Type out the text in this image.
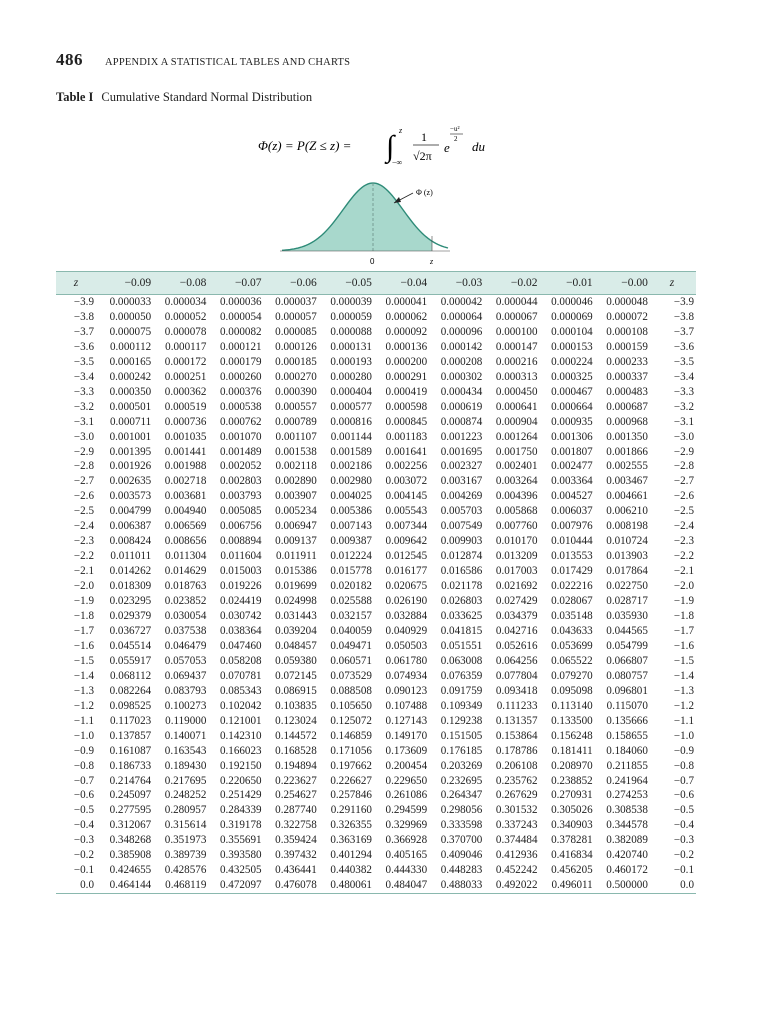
486 APPENDIX A STATISTICAL TABLES AND CHARTS
Table I Cumulative Standard Normal Distribution
Φ(z) = P(Z ≤ z) = ∫ z
−∞
1
√2π
e
−u²
2 du
Φ (z)
0	z
z	−0.09	−0.08	−0.07	−0.06	−0.05	−0.04	−0.03	−0.02	−0.01	−0.00	z
−3.9	0.000033	0.000034	0.000036	0.000037	0.000039	0.000041	0.000042	0.000044	0.000046	0.000048	−3.9
−3.8	0.000050	0.000052	0.000054	0.000057	0.000059	0.000062	0.000064	0.000067	0.000069	0.000072	−3.8
−3.7	0.000075	0.000078	0.000082	0.000085	0.000088	0.000092	0.000096	0.000100	0.000104	0.000108	−3.7
−3.6	0.000112	0.000117	0.000121	0.000126	0.000131	0.000136	0.000142	0.000147	0.000153	0.000159	−3.6
−3.5	0.000165	0.000172	0.000179	0.000185	0.000193	0.000200	0.000208	0.000216	0.000224	0.000233	−3.5
−3.4	0.000242	0.000251	0.000260	0.000270	0.000280	0.000291	0.000302	0.000313	0.000325	0.000337	−3.4
−3.3	0.000350	0.000362	0.000376	0.000390	0.000404	0.000419	0.000434	0.000450	0.000467	0.000483	−3.3
−3.2	0.000501	0.000519	0.000538	0.000557	0.000577	0.000598	0.000619	0.000641	0.000664	0.000687	−3.2
−3.1	0.000711	0.000736	0.000762	0.000789	0.000816	0.000845	0.000874	0.000904	0.000935	0.000968	−3.1
−3.0	0.001001	0.001035	0.001070	0.001107	0.001144	0.001183	0.001223	0.001264	0.001306	0.001350	−3.0
−2.9	0.001395	0.001441	0.001489	0.001538	0.001589	0.001641	0.001695	0.001750	0.001807	0.001866	−2.9
−2.8	0.001926	0.001988	0.002052	0.002118	0.002186	0.002256	0.002327	0.002401	0.002477	0.002555	−2.8
−2.7	0.002635	0.002718	0.002803	0.002890	0.002980	0.003072	0.003167	0.003264	0.003364	0.003467	−2.7
−2.6	0.003573	0.003681	0.003793	0.003907	0.004025	0.004145	0.004269	0.004396	0.004527	0.004661	−2.6
−2.5	0.004799	0.004940	0.005085	0.005234	0.005386	0.005543	0.005703	0.005868	0.006037	0.006210	−2.5
−2.4	0.006387	0.006569	0.006756	0.006947	0.007143	0.007344	0.007549	0.007760	0.007976	0.008198	−2.4
−2.3	0.008424	0.008656	0.008894	0.009137	0.009387	0.009642	0.009903	0.010170	0.010444	0.010724	−2.3
−2.2	0.011011	0.011304	0.011604	0.011911	0.012224	0.012545	0.012874	0.013209	0.013553	0.013903	−2.2
−2.1	0.014262	0.014629	0.015003	0.015386	0.015778	0.016177	0.016586	0.017003	0.017429	0.017864	−2.1
−2.0	0.018309	0.018763	0.019226	0.019699	0.020182	0.020675	0.021178	0.021692	0.022216	0.022750	−2.0
−1.9	0.023295	0.023852	0.024419	0.024998	0.025588	0.026190	0.026803	0.027429	0.028067	0.028717	−1.9
−1.8	0.029379	0.030054	0.030742	0.031443	0.032157	0.032884	0.033625	0.034379	0.035148	0.035930	−1.8
−1.7	0.036727	0.037538	0.038364	0.039204	0.040059	0.040929	0.041815	0.042716	0.043633	0.044565	−1.7
−1.6	0.045514	0.046479	0.047460	0.048457	0.049471	0.050503	0.051551	0.052616	0.053699	0.054799	−1.6
−1.5	0.055917	0.057053	0.058208	0.059380	0.060571	0.061780	0.063008	0.064256	0.065522	0.066807	−1.5
−1.4	0.068112	0.069437	0.070781	0.072145	0.073529	0.074934	0.076359	0.077804	0.079270	0.080757	−1.4
−1.3	0.082264	0.083793	0.085343	0.086915	0.088508	0.090123	0.091759	0.093418	0.095098	0.096801	−1.3
−1.2	0.098525	0.100273	0.102042	0.103835	0.105650	0.107488	0.109349	0.111233	0.113140	0.115070	−1.2
−1.1	0.117023	0.119000	0.121001	0.123024	0.125072	0.127143	0.129238	0.131357	0.133500	0.135666	−1.1
−1.0	0.137857	0.140071	0.142310	0.144572	0.146859	0.149170	0.151505	0.153864	0.156248	0.158655	−1.0
−0.9	0.161087	0.163543	0.166023	0.168528	0.171056	0.173609	0.176185	0.178786	0.181411	0.184060	−0.9
−0.8	0.186733	0.189430	0.192150	0.194894	0.197662	0.200454	0.203269	0.206108	0.208970	0.211855	−0.8
−0.7	0.214764	0.217695	0.220650	0.223627	0.226627	0.229650	0.232695	0.235762	0.238852	0.241964	−0.7
−0.6	0.245097	0.248252	0.251429	0.254627	0.257846	0.261086	0.264347	0.267629	0.270931	0.274253	−0.6
−0.5	0.277595	0.280957	0.284339	0.287740	0.291160	0.294599	0.298056	0.301532	0.305026	0.308538	−0.5
−0.4	0.312067	0.315614	0.319178	0.322758	0.326355	0.329969	0.333598	0.337243	0.340903	0.344578	−0.4
−0.3	0.348268	0.351973	0.355691	0.359424	0.363169	0.366928	0.370700	0.374484	0.378281	0.382089	−0.3
−0.2	0.385908	0.389739	0.393580	0.397432	0.401294	0.405165	0.409046	0.412936	0.416834	0.420740	−0.2
−0.1	0.424655	0.428576	0.432505	0.436441	0.440382	0.444330	0.448283	0.452242	0.456205	0.460172	−0.1
0.0	0.464144	0.468119	0.472097	0.476078	0.480061	0.484047	0.488033	0.492022	0.496011	0.500000	0.0
